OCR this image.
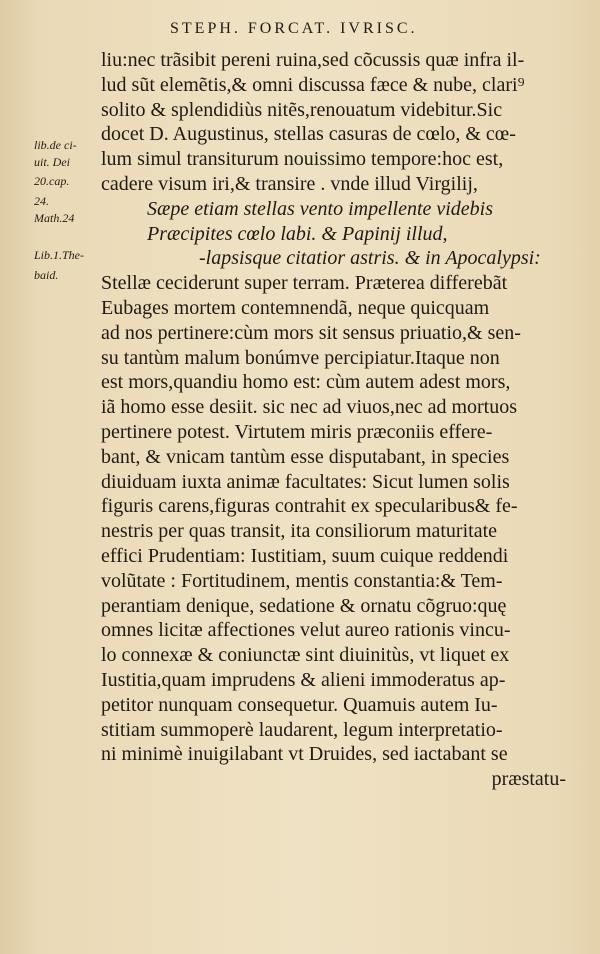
STEPH. FORCAT. IVRISC.
lib.de ci-
uit. Dei
20.cap.
24.
Math.24
Lib.1.The-
baid.
liu:nec trãsibit pereni ruina,sed cõcussis quæ infra il-
lud sũt elemẽtis,& omni discussa fæce & nube, clari⁹
solito & splendidiùs nitẽs,renouatum videbitur.Sic
docet D. Augustinus, stellas casuras de cœlo, & cœ-
lum simul transiturum nouissimo tempore:hoc est,
cadere visum iri,& transire . vnde illud Virgilij,
Sæpe etiam stellas vento impellente videbis
Præcipites cœlo labi. & Papinij illud,
-lapsisque citatior astris. & in Apocalypsi:
Stellæ ceciderunt super terram. Præterea differebãt
Eubages mortem contemnendã, neque quicquam
ad nos pertinere:cùm mors sit sensus priuatio,& sen-
su tantùm malum bonúmve percipiatur.Itaque non
est mors,quandiu homo est: cùm autem adest mors,
iã homo esse desiit. sic nec ad viuos,nec ad mortuos
pertinere potest. Virtutem miris præconiis effere-
bant, & vnicam tantùm esse disputabant, in species
diuiduam iuxta animæ facultates: Sicut lumen solis
figuris carens,figuras contrahit ex specularibus& fe-
nestris per quas transit, ita consiliorum maturitate
effici Prudentiam: Iustitiam, suum cuique reddendi
volũtate : Fortitudinem, mentis constantia:& Tem-
perantiam denique, sedatione & ornatu cõgruo:quę
omnes licitæ affectiones velut aureo rationis vincu-
lo connexæ & coniunctæ sint diuinitùs, vt liquet ex
Iustitia,quam imprudens & alieni immoderatus ap-
petitor nunquam consequetur. Quamuis autem Iu-
stitiam summoperè laudarent, legum interpretatio-
ni minimè inuigilabant vt Druides, sed iactabant se
præstatu-
